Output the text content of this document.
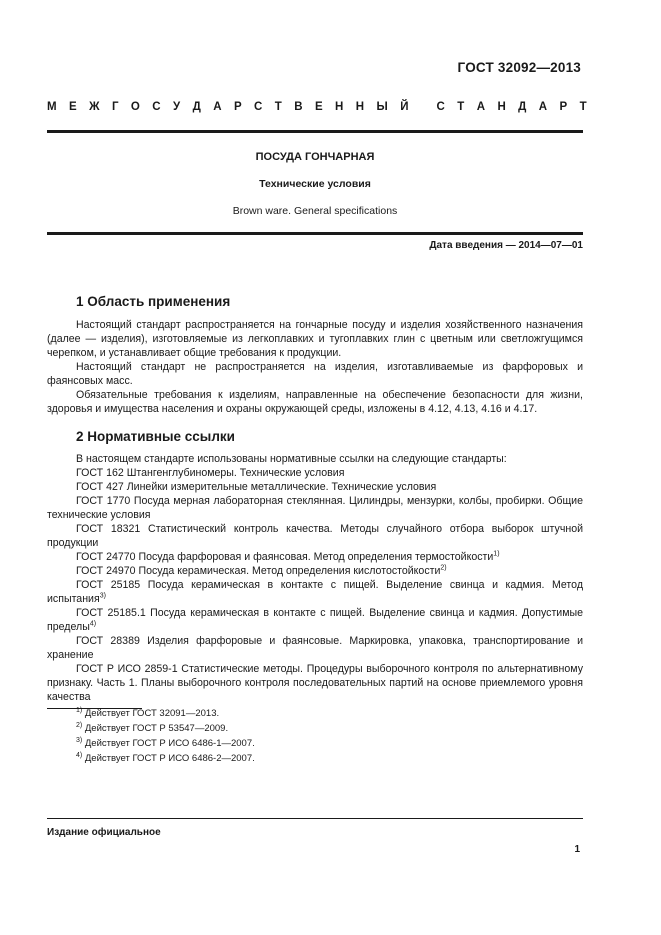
ГОСТ 32092—2013
М Е Ж Г О С У Д А Р С Т В Е Н Н Ы Й
С Т А Н Д А Р Т
ПОСУДА ГОНЧАРНАЯ
Технические условия
Brown ware. General specifications
Дата введения — 2014—07—01
1 Область применения

Настоящий стандарт распространяется на гончарные посуду и изделия хозяйственного назначения (далее — изделия), изготовляемые из легкоплавких и тугоплавких глин с цветным или светложгущимся черепком, и устанавливает общие требования к продукции.

Настоящий стандарт не распространяется на изделия, изготавливаемые из фарфоровых и фаянсовых масс.

Обязательные требования к изделиям, направленные на обеспечение безопасности для жизни, здоровья и имущества населения и охраны окружающей среды, изложены в 4.12, 4.13, 4.16 и 4.17.

2 Нормативные ссылки

В настоящем стандарте использованы нормативные ссылки на следующие стандарты:

ГОСТ 162 Штангенглубиномеры. Технические условия

ГОСТ 427 Линейки измерительные металлические. Технические условия

ГОСТ 1770 Посуда мерная лабораторная стеклянная. Цилиндры, мензурки, колбы, пробирки. Общие технические условия

ГОСТ 18321 Статистический контроль качества. Методы случайного отбора выборок штучной продукции

ГОСТ 24770 Посуда фарфоровая и фаянсовая. Метод определения термостойкости$^{1)}$

ГОСТ 24970 Посуда керамическая. Метод определения кислотостойкости$^{2)}$

ГОСТ 25185 Посуда керамическая в контакте с пищей. Выделение свинца и кадмия. Метод испытания$^{3)}$

ГОСТ 25185.1 Посуда керамическая в контакте с пищей. Выделение свинца и кадмия. Допустимые пределы$^{4)}$

ГОСТ 28389 Изделия фарфоровые и фаянсовые. Маркировка, упаковка, транспортирование и хранение

ГОСТ Р ИСО 2859-1 Статистические методы. Процедуры выборочного контроля по альтернативному признаку. Часть 1. Планы выборочного контроля последовательных партий на основе приемлемого уровня качества

$^{1)}$ Действует ГОСТ 32091—2013.
$^{2)}$ Действует ГОСТ Р 53547—2009.
$^{3)}$ Действует ГОСТ Р ИСО 6486-1—2007.
$^{4)}$ Действует ГОСТ Р ИСО 6486-2—2007.
Издание официальное
1
